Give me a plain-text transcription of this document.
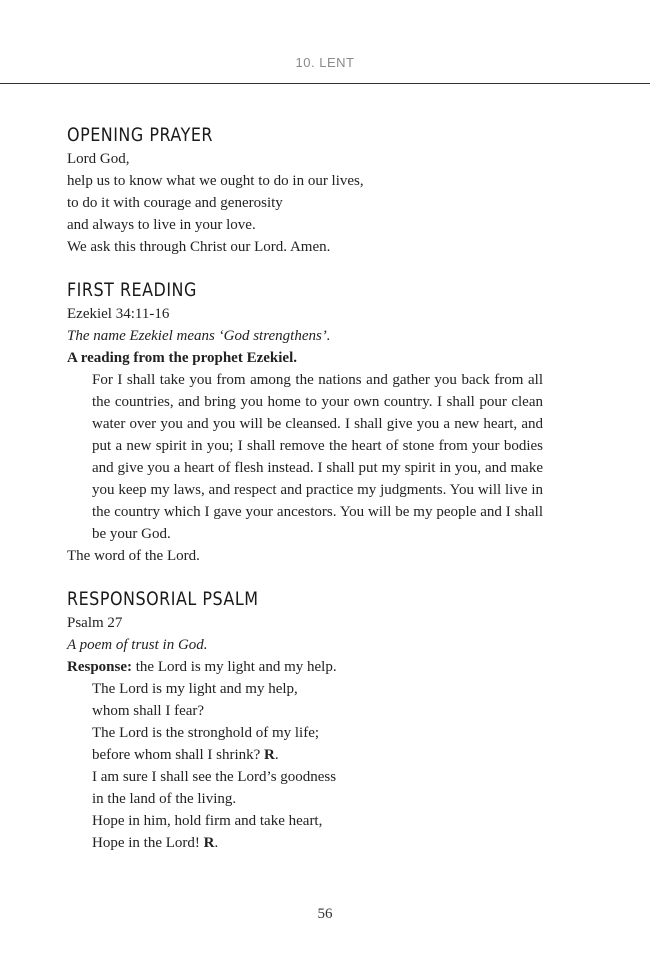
10. LENT
OPENING PRAYER
Lord God,
help us to know what we ought to do in our lives,
to do it with courage and generosity
and always to live in your love.
We ask this through Christ our Lord. Amen.
FIRST READING
Ezekiel 34:11-16
The name Ezekiel means ‘God strengthens’.
A reading from the prophet Ezekiel.
For I shall take you from among the nations and gather you back from all the countries, and bring you home to your own country. I shall pour clean water over you and you will be cleansed. I shall give you a new heart, and put a new spirit in you; I shall remove the heart of stone from your bodies and give you a heart of flesh instead. I shall put my spirit in you, and make you keep my laws, and respect and practice my judgments. You will live in the country which I gave your ancestors. You will be my people and I shall be your God.
The word of the Lord.
RESPONSORIAL PSALM
Psalm 27
A poem of trust in God.
Response: the Lord is my light and my help.
The Lord is my light and my help,
whom shall I fear?
The Lord is the stronghold of my life;
before whom shall I shrink? R.
I am sure I shall see the Lord’s goodness
in the land of the living.
Hope in him, hold firm and take heart,
Hope in the Lord! R.
56
